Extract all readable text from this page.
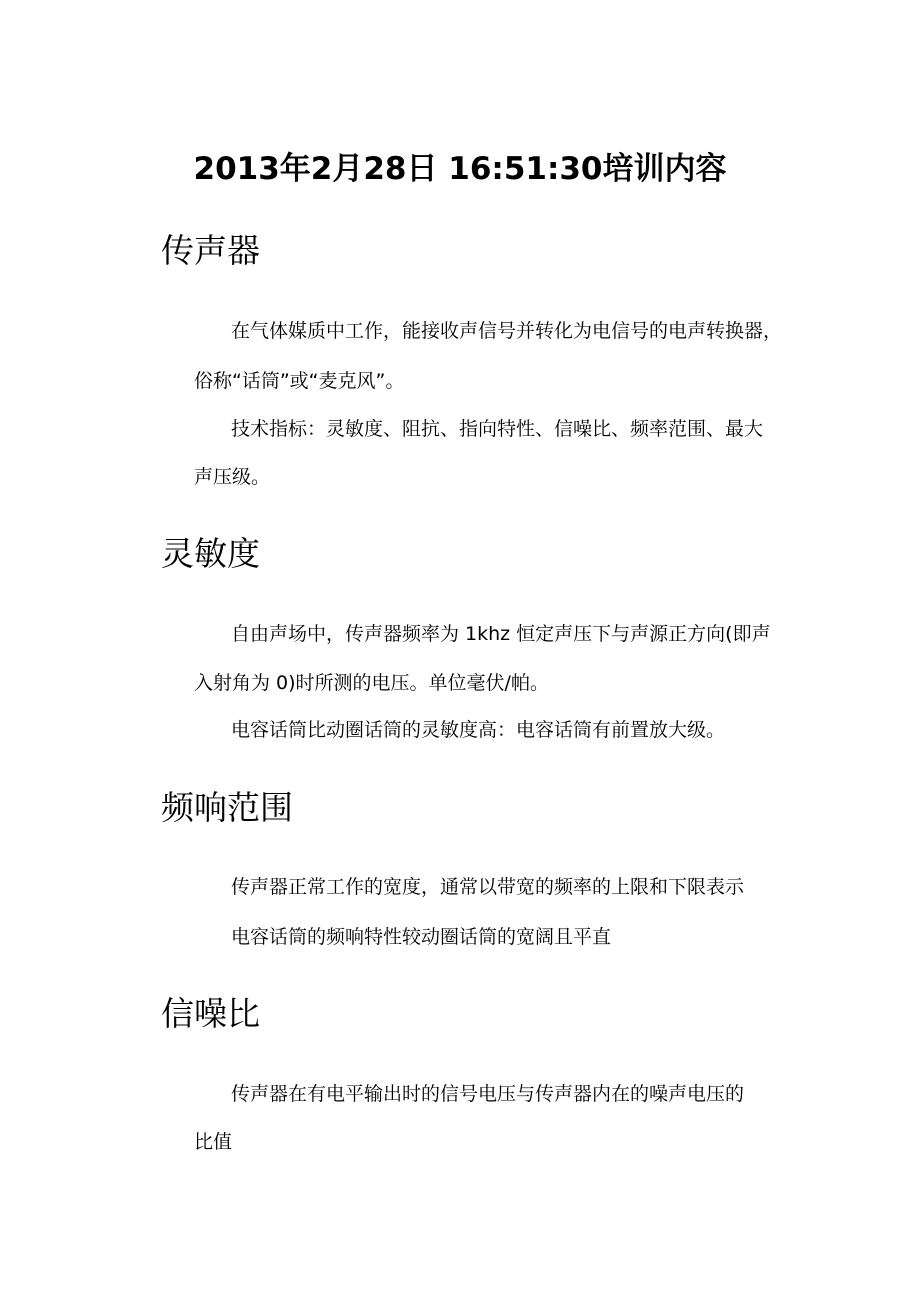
2013年2月28日 16:51:30培训内容
传声器

在气体媒质中工作，能接收声信号并转化为电信号的电声转换器，

俗称“话筒”或“麦克风”。

技术指标：灵敏度、阻抗、指向特性、信噪比、频率范围、最大

声压级。

灵敏度

自由声场中，传声器频率为 1khz 恒定声压下与声源正方向(即声

入射角为 0)时所测的电压。单位毫伏/帕。

电容话筒比动圈话筒的灵敏度高：电容话筒有前置放大级。

频响范围

传声器正常工作的宽度，通常以带宽的频率的上限和下限表示

电容话筒的频响特性较动圈话筒的宽阔且平直

信噪比

传声器在有电平输出时的信号电压与传声器内在的噪声电压的

比值
